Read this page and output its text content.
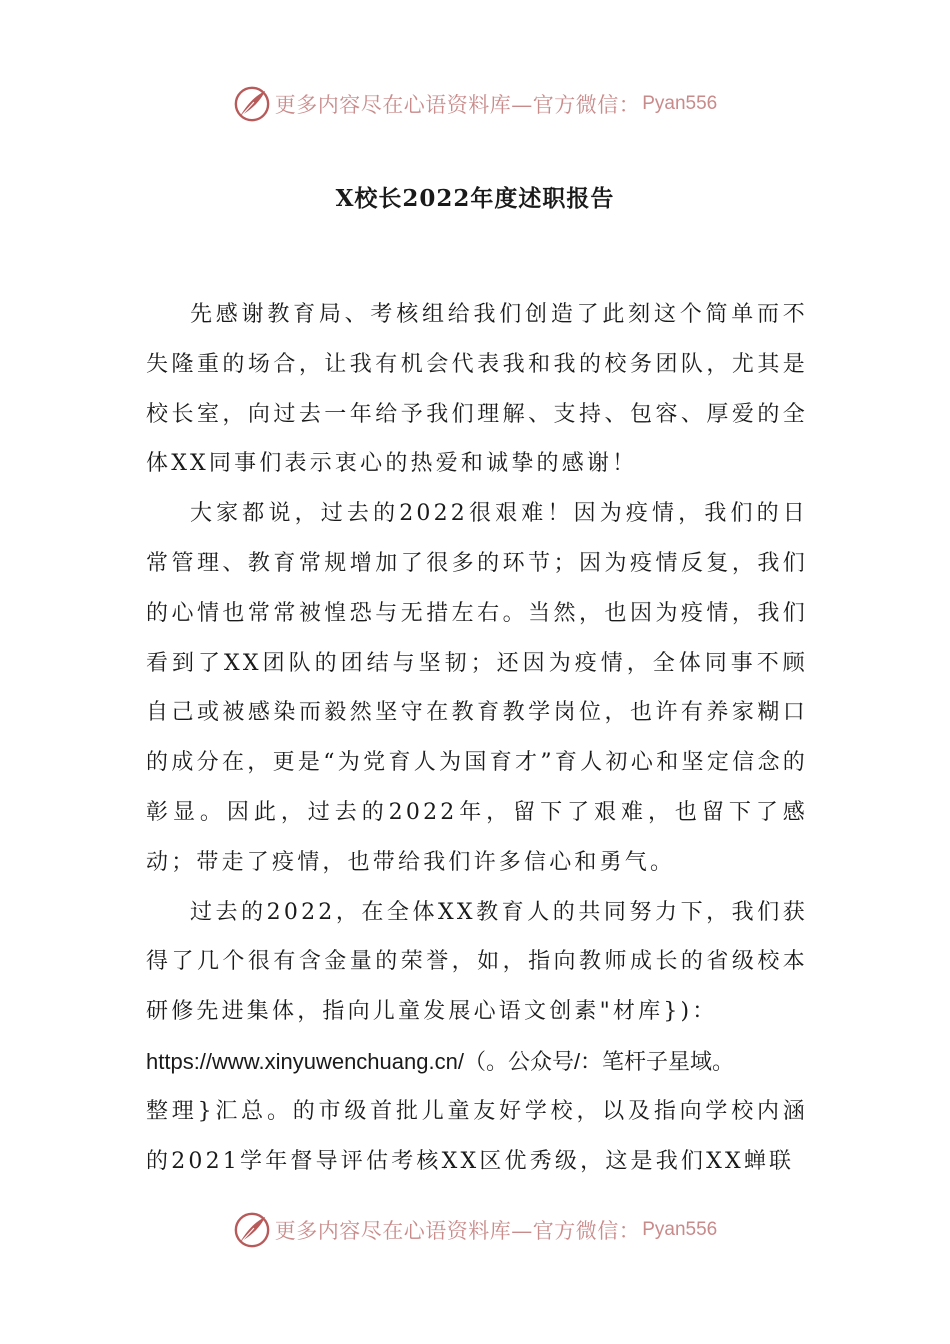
更多内容尽在心语资料库—官方微信： Pyan556
X校长2022年度述职报告

先感谢教育局、考核组给我们创造了此刻这个简单而不失隆重的场合，让我有机会代表我和我的校务团队，尤其是校长室，向过去一年给予我们理解、支持、包容、厚爱的全体XX同事们表示衷心的热爱和诚挚的感谢！

大家都说，过去的2022很艰难！因为疫情，我们的日常管理、教育常规增加了很多的环节；因为疫情反复，我们的心情也常常被惶恐与无措左右。当然，也因为疫情，我们看到了XX团队的团结与坚韧；还因为疫情，全体同事不顾自己或被感染而毅然坚守在教育教学岗位，也许有养家糊口的成分在，更是“为党育人为国育才”育人初心和坚定信念的彰显。因此，过去的2022年，留下了艰难，也留下了感动；带走了疫情，也带给我们许多信心和勇气。

过去的2022，在全体XX教育人的共同努力下，我们获得了几个很有含金量的荣誉，如，指向教师成长的省级校本研修先进集体，指向儿童发展心语文创素"材库})：

https://www.xinyuwenchuang.cn/（。公众号/：笔杆子星域。
整理}汇总。的市级首批儿童友好学校，以及指向学校内涵的2021学年督导评估考核XX区优秀级，这是我们XX蝉联
更多内容尽在心语资料库—官方微信： Pyan556
